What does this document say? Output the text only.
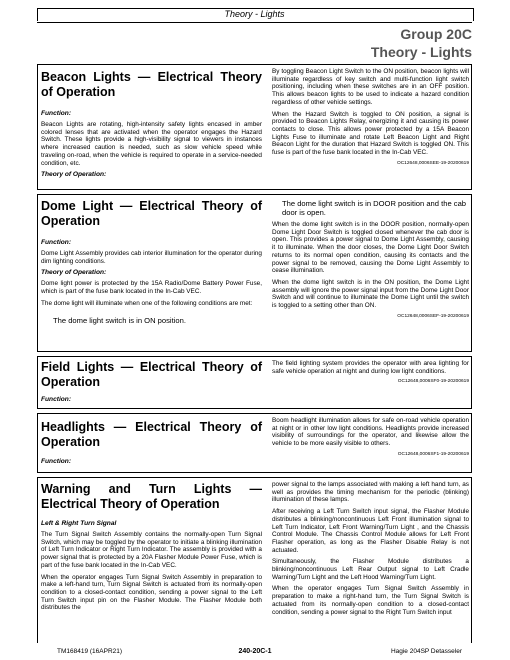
Theory - Lights
Group 20C
Theory - Lights

Beacon Lights — Electrical Theory of Operation

Function:

Beacon Lights are rotating, high-intensity safety lights encased in amber colored lenses that are activated when the operator engages the Hazard Switch. These lights provide a high-visibility signal to viewers in instances where increased caution is needed, such as slow vehicle speed while traveling on-road, when the vehicle is required to operate in a service-needed condition, etc.

Theory of Operation:

By toggling Beacon Light Switch to the ON position, beacon lights will illuminate regardless of key switch and multi-function light switch positioning, including when these switches are in an OFF position. This allows beacon lights to be used to indicate a hazard condition regardless of other vehicle settings.

When the Hazard Switch is toggled to ON position, a signal is provided to Beacon Lights Relay, energizing it and causing its power contacts to close. This allows power protected by a 15A Beacon Lights Fuse to illuminate and rotate Left Beacon Light and Right Beacon Light for the duration that Hazard Switch is toggled ON. This fuse is part of the fuse bank located in the In-Cab VEC.

OC12648,0006SEE-19-20200619

Dome Light — Electrical Theory of Operation

Function:

Dome Light Assembly provides cab interior illumination for the operator during dim lighting conditions.

Theory of Operation:

Dome light power is protected by the 15A Radio/Dome Battery Power Fuse, which is part of the fuse bank located in the In-Cab VEC.

The dome light will illuminate when one of the following conditions are met:

The dome light switch is in ON position.

The dome light switch is in DOOR position and the cab door is open.

When the dome light switch is in the DOOR position, normally-open Dome Light Door Switch is toggled closed whenever the cab door is open. This provides a power signal to Dome Light Assembly, causing it to illuminate. When the door closes, the Dome Light Door Switch returns to its normal open condition, causing its contacts and the power signal to be removed, causing the Dome Light Assembly to cease illumination.

When the dome light switch is in the ON position, the Dome Light assembly will ignore the power signal input from the Dome Light Door Switch and will continue to illuminate the Dome Light until the switch is toggled to a setting other than ON.

OC12648,0006SEF-19-20200619

Field Lights — Electrical Theory of Operation

Function:

The field lighting system provides the operator with area lighting for safe vehicle operation at night and during low light conditions.

OC12648,0006SF0-19-20200619

Headlights — Electrical Theory of Operation

Function:

Boom headlight illumination allows for safe on-road vehicle operation at night or in other low light conditions. Headlights provide increased visibility of surroundings for the operator, and likewise allow the vehicle to be more easily visible to others.

OC12648,0006SF1-19-20200619

Warning and Turn Lights — Electrical Theory of Operation

Left & Right Turn Signal

The Turn Signal Switch Assembly contains the normally-open Turn Signal Switch, which may be toggled by the operator to initiate a blinking illumination of Left Turn Indicator or Right Turn Indicator. The assembly is provided with a power signal that is protected by a 20A Flasher Module Power Fuse, which is part of the fuse bank located in the In-Cab VEC.

When the operator engages Turn Signal Switch Assembly in preparation to make a left-hand turn, Turn Signal Switch is actuated from its normally-open condition to a closed-contact condition, sending a power signal to the Left Turn Switch input pin on the Flasher Module. The Flasher Module both distributes the

power signal to the lamps associated with making a left hand turn, as well as provides the timing mechanism for the periodic (blinking) illumination of these lamps.

After receiving a Left Turn Switch input signal, the Flasher Module distributes a blinking/noncontinuous Left Front illumination signal to Left Turn Indicator, Left Front Warning/Turn Light , and the Chassis Control Module. The Chassis Control Module allows for Left Front Flasher operation, as long as the Flasher Disable Relay is not actuated.

Simultaneously, the Flasher Module distributes a blinking/noncontinuous Left Rear Output signal to Left Cradle Warning/Turn Light and the Left Hood Warning/Turn Light.

When the operator engages Turn Signal Switch Assembly in preparation to make a right-hand turn, the Turn Signal Switch is actuated from its normally-open condition to a closed-contact condition, sending a power signal to the Right Turn Switch input

TM168419 (16APR21)	240-20C-1	Hagie 204SP Detasseler
